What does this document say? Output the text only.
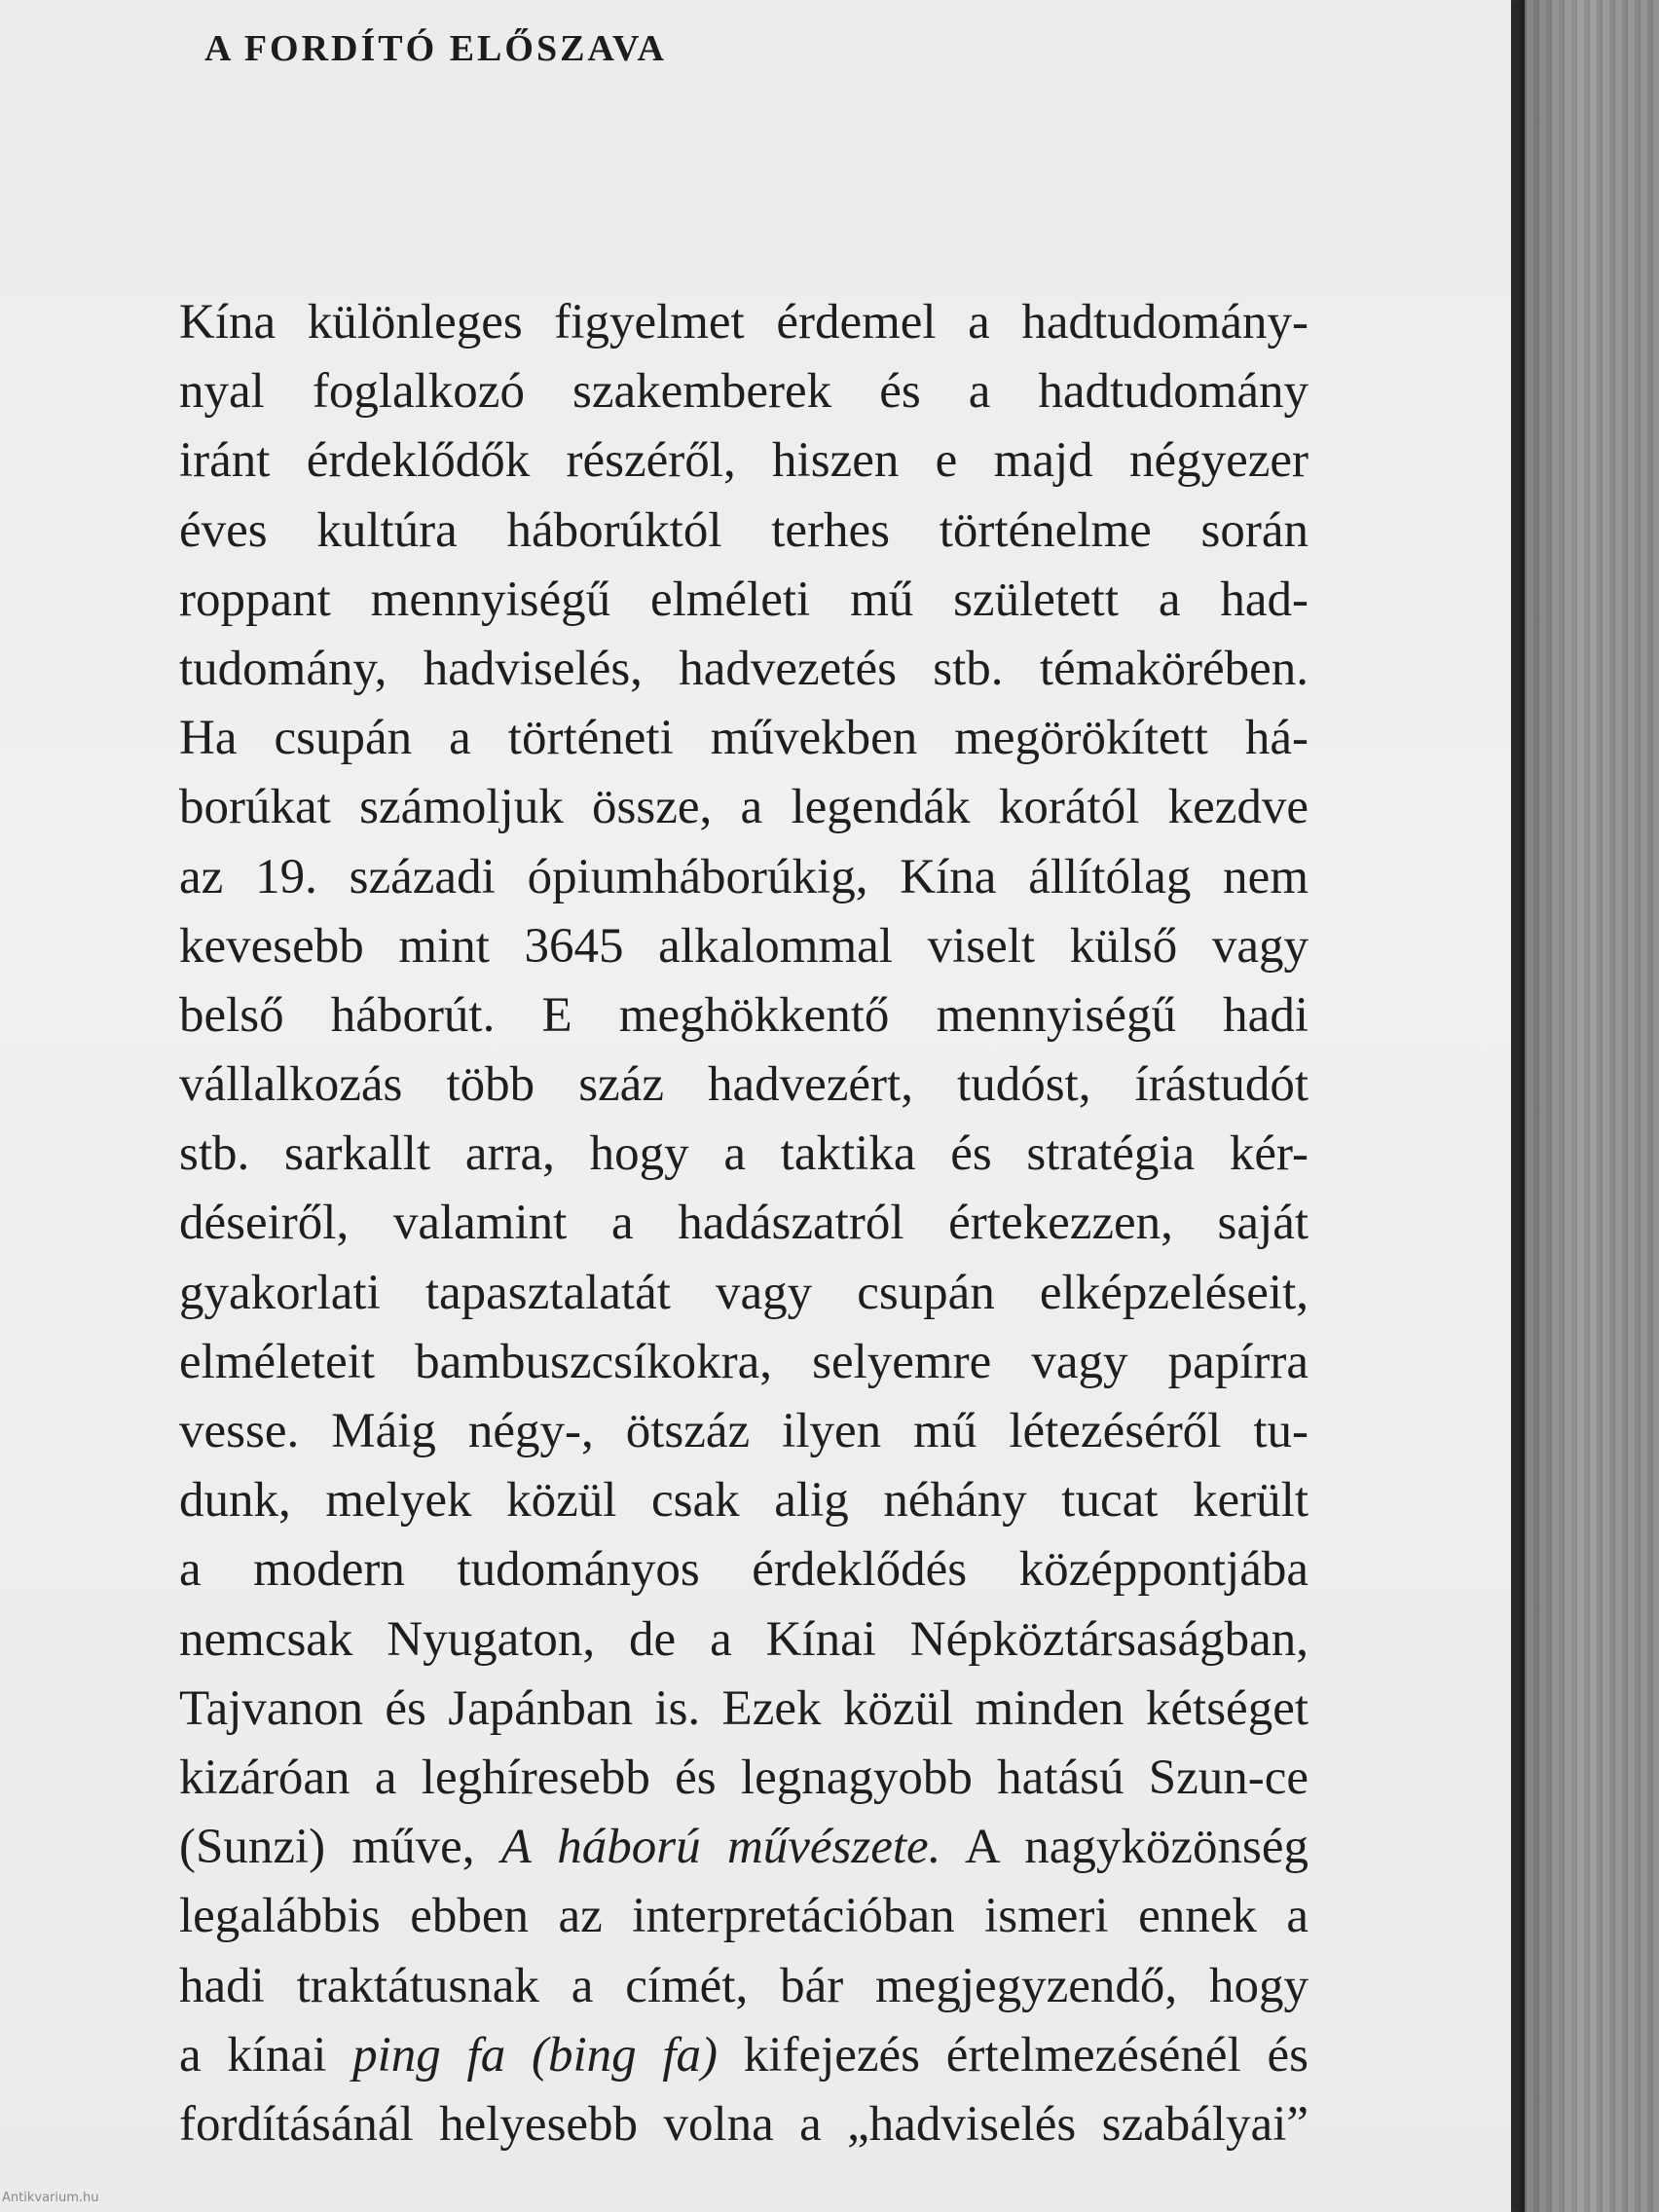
A FORDÍTÓ ELŐSZAVA
Kína különleges figyelmet érdemel a hadtudomány-
nyal foglalkozó szakemberek és a hadtudomány
iránt érdeklődők részéről, hiszen e majd négyezer
éves kultúra háborúktól terhes történelme során
roppant mennyiségű elméleti mű született a had-
tudomány, hadviselés, hadvezetés stb. témakörében.
Ha csupán a történeti művekben megörökített há-
borúkat számoljuk össze, a legendák korától kezdve
az 19. századi ópiumháborúkig, Kína állítólag nem
kevesebb mint 3645 alkalommal viselt külső vagy
belső háborút. E meghökkentő mennyiségű hadi
vállalkozás több száz hadvezért, tudóst, írástudót
stb. sarkallt arra, hogy a taktika és stratégia kér-
déseiről, valamint a hadászatról értekezzen, saját
gyakorlati tapasztalatát vagy csupán elképzeléseit,
elméleteit bambuszcsíkokra, selyemre vagy papírra
vesse. Máig négy-, ötszáz ilyen mű létezéséről tu-
dunk, melyek közül csak alig néhány tucat került
a modern tudományos érdeklődés középpontjába
nemcsak Nyugaton, de a Kínai Népköztársaságban,
Tajvanon és Japánban is. Ezek közül minden kétséget
kizáróan a leghíresebb és legnagyobb hatású Szun-ce
(Sunzi) műve, A háború művészete. A nagyközönség
legalábbis ebben az interpretációban ismeri ennek a
hadi traktátusnak a címét, bár megjegyzendő, hogy
a kínai ping fa (bing fa) kifejezés értelmezésénél és
fordításánál helyesebb volna a „hadviselés szabályai”
Antikvarium.hu
